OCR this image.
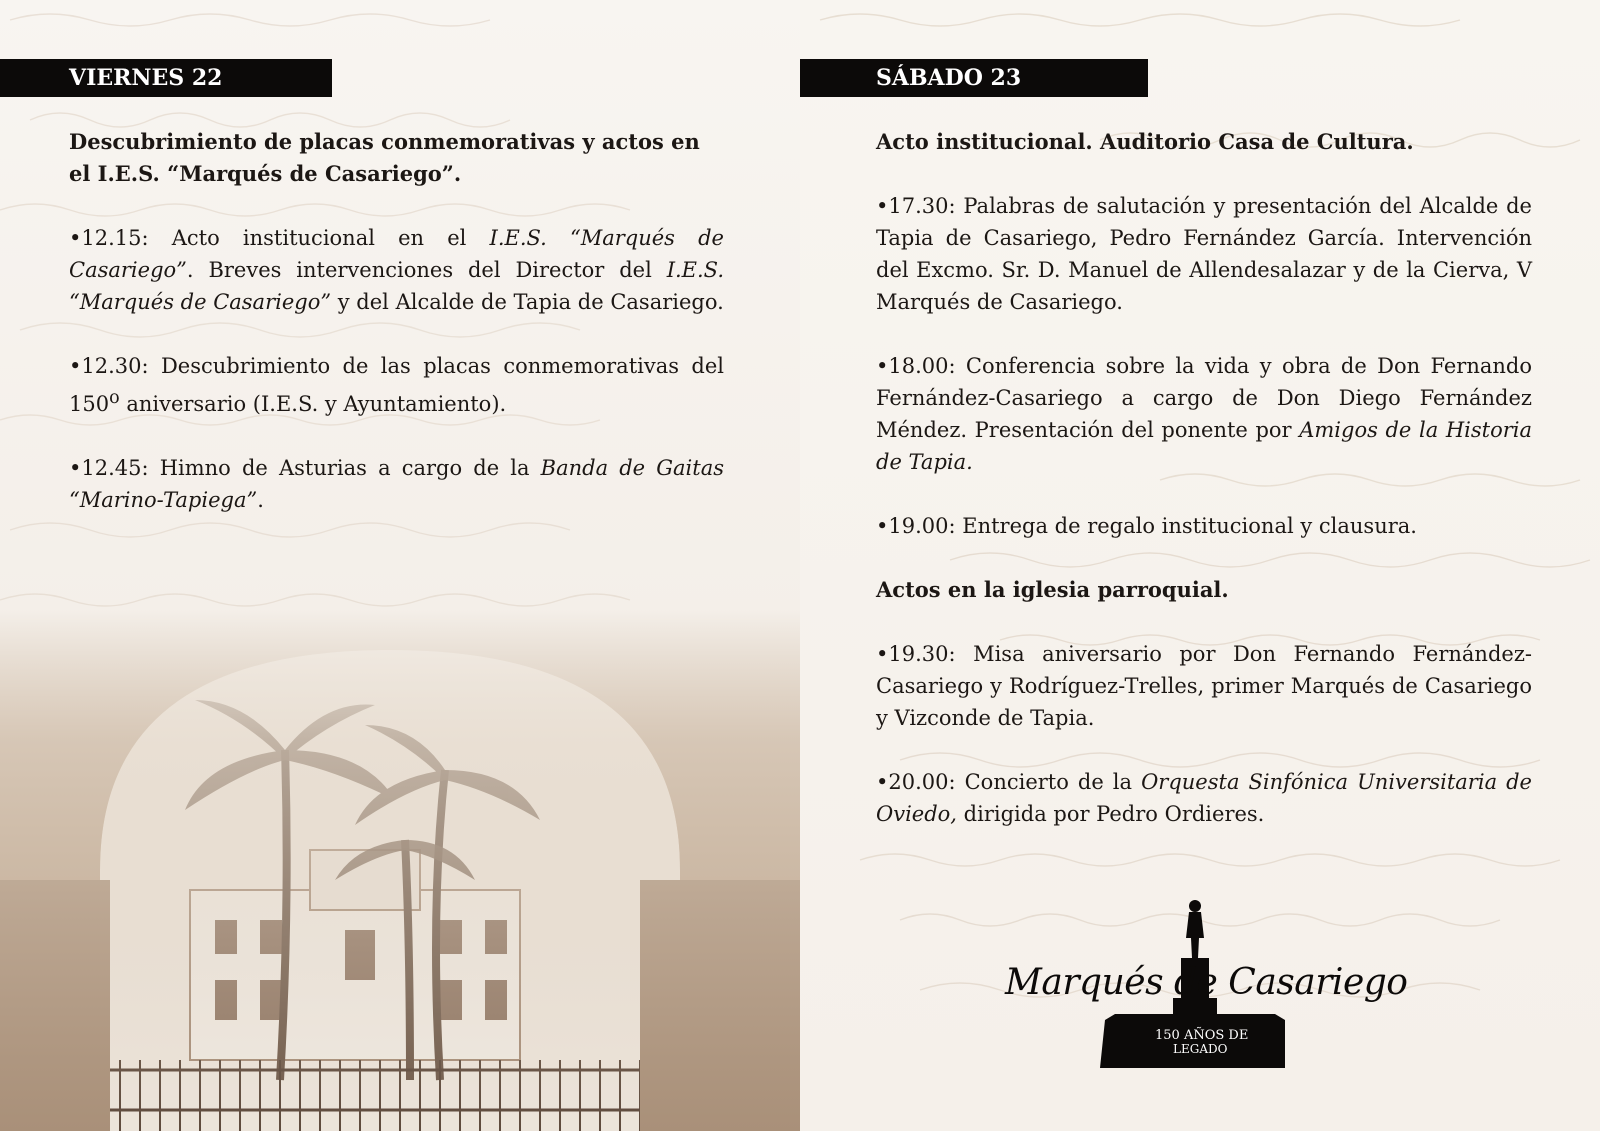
VIERNES 22

Descubrimiento de placas conmemorativas y actos en
el I.E.S. “Marqués de Casariego”.

•12.15: Acto institucional en el I.E.S. “Marqués de Casariego”. Breves intervenciones del Director del I.E.S. “Marqués de Casariego” y del Alcalde de Tapia de Casariego.

•12.30: Descubrimiento de las placas conmemorativas del 150$^o$ aniversario (I.E.S. y Ayuntamiento).

•12.45: Himno de Asturias a cargo de la Banda de Gaitas “Marino-Tapiega”.

SÁBADO 23

Acto institucional. Auditorio Casa de Cultura.

•17.30: Palabras de salutación y presentación del Alcalde de Tapia de Casariego, Pedro Fernández García. Intervención del Excmo. Sr. D. Manuel de Allendesalazar y de la Cierva, V Marqués de Casariego.

•18.00: Conferencia sobre la vida y obra de Don Fernando Fernández-Casariego a cargo de Don Diego Fernández Méndez. Presentación del ponente por Amigos de la Historia de Tapia.

•19.00: Entrega de regalo institucional y clausura.

Actos en la iglesia parroquial.

•19.30: Misa aniversario por Don Fernando Fernández-Casariego y Rodríguez-Trelles, primer Marqués de Casariego y Vizconde de Tapia.

•20.00: Concierto de la Orquesta Sinfónica Universitaria de Oviedo, dirigida por Pedro Ordieres.

Marqués de Casariego
150 AÑOS DE
LEGADO
